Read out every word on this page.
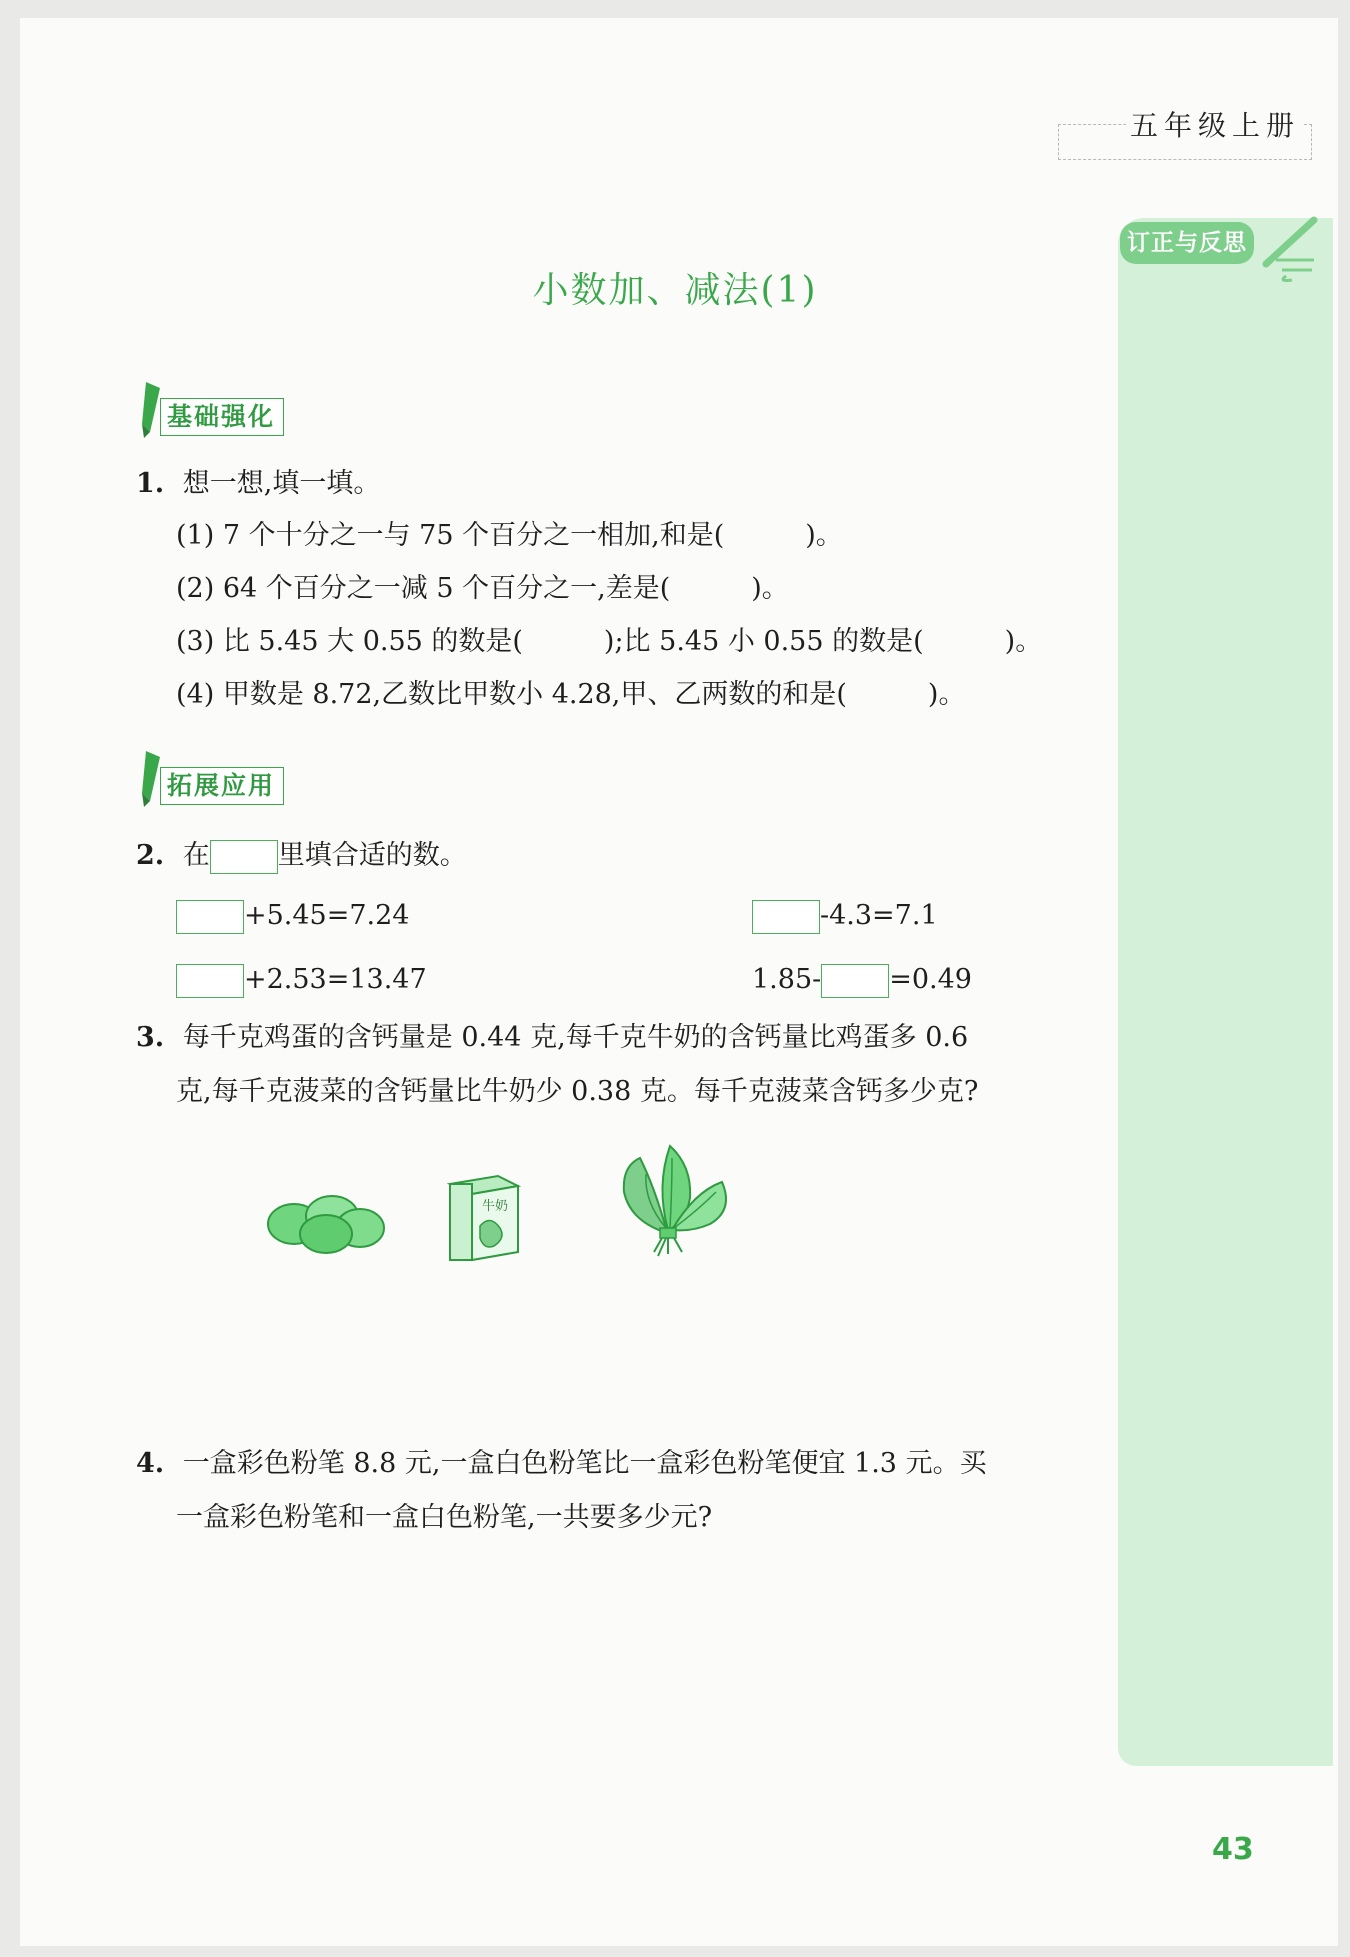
五年级上册
订正与反思
小数加、减法(1)
基础强化
1. 想一想,填一填。
(1) 7 个十分之一与 75 个百分之一相加,和是(　　　)。
(2) 64 个百分之一减 5 个百分之一,差是(　　　)。
(3) 比 5.45 大 0.55 的数是(　　　);比 5.45 小 0.55 的数是(　　　)。
(4) 甲数是 8.72,乙数比甲数小 4.28,甲、乙两数的和是(　　　)。
拓展应用
2. 在	里填合适的数。
+5.45=7.24	-4.3=7.1
+2.53=13.47	1.85-	=0.49
3. 每千克鸡蛋的含钙量是 0.44 克,每千克牛奶的含钙量比鸡蛋多 0.6
克,每千克菠菜的含钙量比牛奶少 0.38 克。每千克菠菜含钙多少克?
牛奶
4. 一盒彩色粉笔 8.8 元,一盒白色粉笔比一盒彩色粉笔便宜 1.3 元。买
一盒彩色粉笔和一盒白色粉笔,一共要多少元?
43
